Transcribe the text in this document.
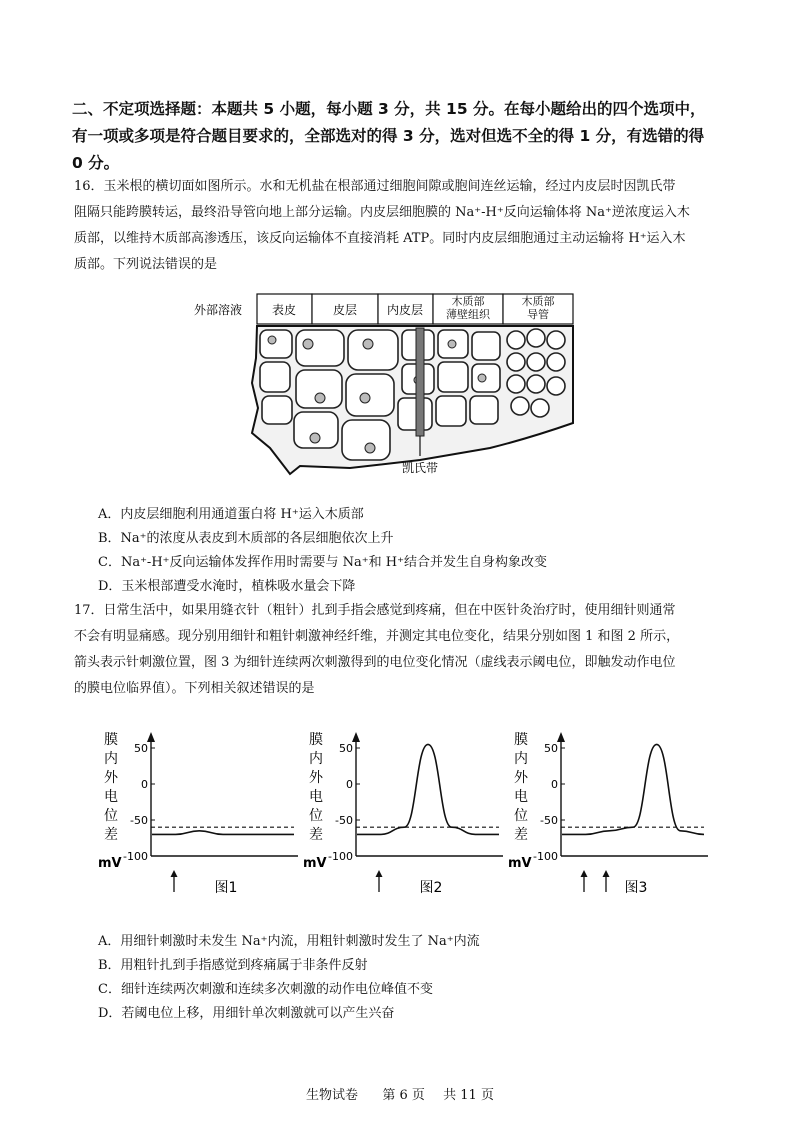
二、不定项选择题：本题共 5 小题，每小题 3 分，共 15 分。在每小题给出的四个选项中，
有一项或多项是符合题目要求的，全部选对的得 3 分，选对但选不全的得 1 分，有选错的得
0 分。
16．玉米根的横切面如图所示。水和无机盐在根部通过细胞间隙或胞间连丝运输，经过内皮层时因凯氏带
阻隔只能跨膜转运，最终沿导管向地上部分运输。内皮层细胞膜的 Na⁺-H⁺反向运输体将 Na⁺逆浓度运入木
质部，以维持木质部高渗透压，该反向运输体不直接消耗 ATP。同时内皮层细胞通过主动运输将 H⁺运入木
质部。下列说法错误的是
外部溶液 表皮	皮层 内皮层
木质部
薄壁组织
木质部
导管
凯氏带
A．内皮层细胞利用通道蛋白将 H⁺运入木质部
B．Na⁺的浓度从表皮到木质部的各层细胞依次上升
C．Na⁺-H⁺反向运输体发挥作用时需要与 Na⁺和 H⁺结合并发生自身构象改变
D．玉米根部遭受水淹时，植株吸水量会下降
17．日常生活中，如果用缝衣针（粗针）扎到手指会感觉到疼痛，但在中医针灸治疗时，使用细针则通常
不会有明显痛感。现分别用细针和粗针刺激神经纤维，并测定其电位变化，结果分别如图 1 和图 2 所示，
箭头表示针刺激位置，图 3 为细针连续两次刺激得到的电位变化情况（虚线表示阈电位，即触发动作电位
的膜电位临界值）。下列相关叙述错误的是
膜
内
外
电
位
差
mV
50
0
-50
-100
图1
膜
内
外
电
位
差
mV
50
0
-50
-100
图2
膜
内
外
电
位
差
mV
50
0
-50
-100
图3
A．用细针刺激时未发生 Na⁺内流，用粗针刺激时发生了 Na⁺内流
B．用粗针扎到手指感觉到疼痛属于非条件反射
C．细针连续两次刺激和连续多次刺激的动作电位峰值不变
D．若阈电位上移，用细针单次刺激就可以产生兴奋
生物试卷 第 6 页 共 11 页
